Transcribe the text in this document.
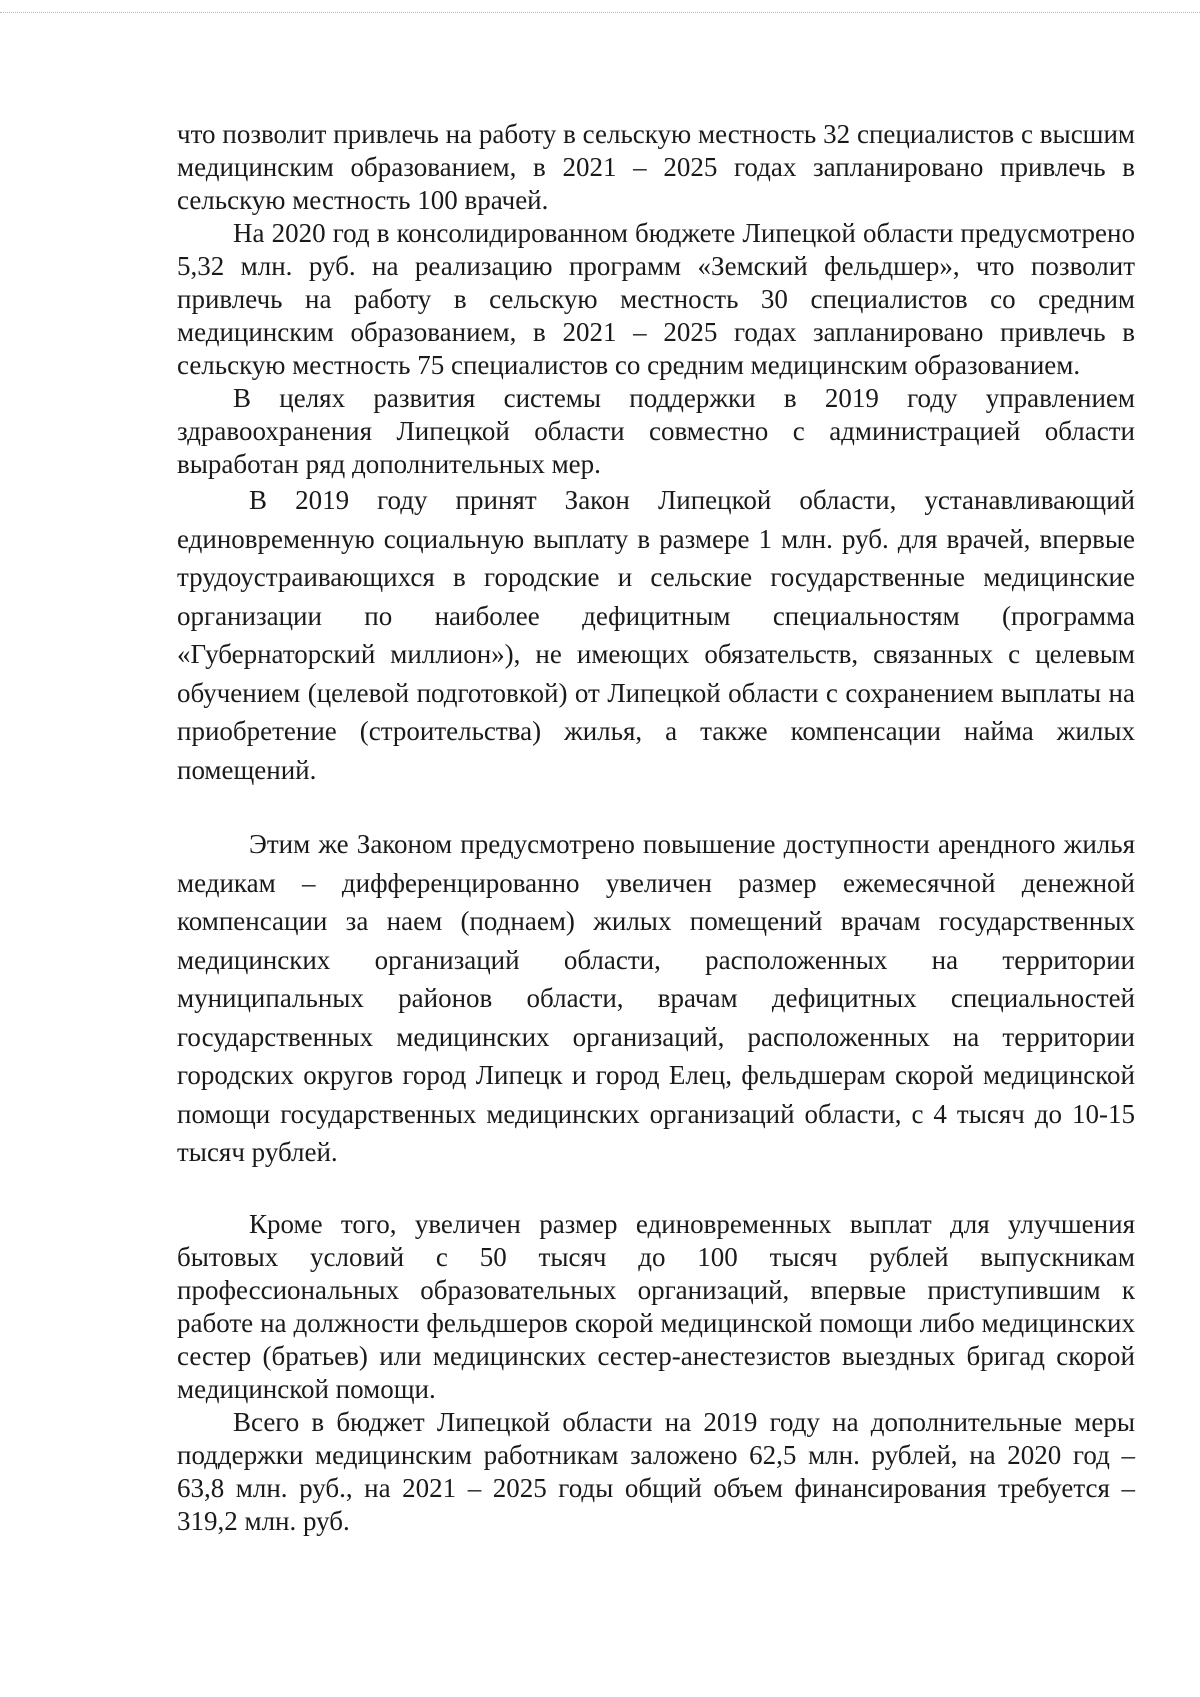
что позволит привлечь на работу в сельскую местность 32 специалистов с высшим медицинским образованием, в 2021 – 2025 годах запланировано привлечь в сельскую местность 100 врачей.

На 2020 год в консолидированном бюджете Липецкой области предусмотрено 5,32 млн. руб. на реализацию программ «Земский фельдшер», что позволит привлечь на работу в сельскую местность 30 специалистов со средним медицинским образованием, в 2021 – 2025 годах запланировано привлечь в сельскую местность 75 специалистов со средним медицинским образованием.

В целях развития системы поддержки в 2019 году управлением здравоохранения Липецкой области совместно с администрацией области выработан ряд дополнительных мер.

В 2019 году принят Закон Липецкой области, устанавливающий единовременную социальную выплату в размере 1 млн. руб. для врачей, впервые трудоустраивающихся в городские и сельские государственные медицинские организации по наиболее дефицитным специальностям (программа «Губернаторский миллион»), не имеющих обязательств, связанных с целевым обучением (целевой подготовкой) от Липецкой области с сохранением выплаты на приобретение (строительства) жилья, а также компенсации найма жилых помещений.

Этим же Законом предусмотрено повышение доступности арендного жилья медикам – дифференцированно увеличен размер ежемесячной денежной компенсации за наем (поднаем) жилых помещений врачам государственных медицинских организаций области, расположенных на территории муниципальных районов области, врачам дефицитных специальностей государственных медицинских организаций, расположенных на территории городских округов город Липецк и город Елец, фельдшерам скорой медицинской помощи государственных медицинских организаций области, с 4 тысяч до 10-15 тысяч рублей.

Кроме того, увеличен размер единовременных выплат для улучшения бытовых условий с 50 тысяч до 100 тысяч рублей выпускникам профессиональных образовательных организаций, впервые приступившим к работе на должности фельдшеров скорой медицинской помощи либо медицинских сестер (братьев) или медицинских сестер-анестезистов выездных бригад скорой медицинской помощи.

Всего в бюджет Липецкой области на 2019 году на дополнительные меры поддержки медицинским работникам заложено 62,5 млн. рублей, на 2020 год – 63,8 млн. руб., на 2021 – 2025 годы общий объем финансирования требуется – 319,2 млн. руб.
